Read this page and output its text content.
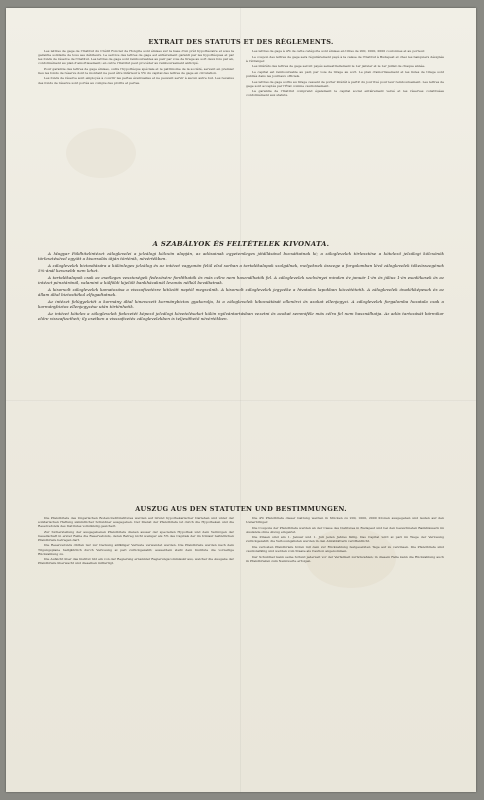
EXTRAIT DES STATUTS ET DES RÈGLEMENTS.

Les lettres de gage de l'Institut du Crédit Foncier de Hongrie sont émises sur la base d'un prêt hypothécaire et sous la garantie solidaire de tous ses débiteurs. Le service des lettres de gage est entièrement garanti par les hypothèques et par les fonds de réserve de l'Institut. Les lettres de gage sont remboursables au pair par voie de tirage au sort deux fois par an, conformément au plan d'amortissement; en outre l'Institut peut procéder au remboursement anticipé.

Pour garantie des lettres de gage émises, outre l'hypothèque spéciale et le patrimoine de la société, servent en premier lieu les fonds de réserve dont le montant ne peut être inférieur à 5% du capital des lettres de gage en circulation.

Les fonds de réserve sont employés à couvrir les pertes éventuelles et ne peuvent servir à aucun autre but. Les revenus des fonds de réserve sont portés au compte des profits et pertes.

Les lettres de gage à 4% de cette catégorie sont émises en titres de 200, 1000, 2000 couronnes et au porteur.

Le coupon des lettres de gage sera régulièrement payé à la caisse de l'Institut à Budapest et chez les banquiers désignés à l'étranger.

Les intérêts des lettres de gage seront payés semestriellement le 1er janvier et le 1er juillet de chaque année.

Le capital est remboursable au pair, par voie de tirage au sort. Le plan d'amortissement et les listes de tirage sont publiés dans les journaux officiels.

Les lettres de gage sortis au tirage cessent de porter intérêt à partir du jour fixé pour leur remboursement. Les lettres de gage sont acceptés par l'État comme cautionnement.

La garantie de l'Institut comprend également le capital social entièrement versé et les réserves constituées conformément aux statuts.

A SZABÁLYOK ÉS FELTÉTELEK KIVONATA.

A Magyar Földhitelintézet záloglevelei a jelzálogi kölcsön alapján, az adósainak egyetemleges jótállásával bocsáttatnak ki; a záloglevelek törlesztése a kötelező jelzálogi kölcsönök törlesztésével együtt a kisorsolás útján történik, névértékben.

A záloglevelek biztosítására a különleges jelzálog és az intézet vagyonán felül első sorban a tartalékalapok szolgálnak, melyeknek összege a forgalomban lévő záloglevelek tőkeösszegének 5%-ánál kevesebb nem lehet.

A tartalékalapok csak az esetleges veszteségek fedezésére fordíthatók és más célra nem használhatók fel. A záloglevelek szelvényei minden év január 1-én és július 1-én esedékesek és az intézet pénztáránál, valamint a külföldi kijelölt bankházaknál levonás nélkül beváltatnak.

A kisorsolt záloglevelek kamatozása a visszafizetésre kitűzött naptól megszűnik. A kisorsolt záloglevelek jegyzéke a hivatalos lapokban közzététetik. A záloglevelek óvadékképesek és az állam által biztosítékul elfogadtatnak.

Az intézet felügyeletét a kormány által kinevezett kormánybiztos gyakorolja, ki a záloglevelek kibocsátását ellenőrzi és azokat ellenjegyzi. A záloglevelek forgalomba hozatala csak a kormánybiztos ellenjegyzése után történhetik.

Az intézet köteles a záloglevelek fedezetét képező jelzálogi követeléseket külön nyilvántartásban vezetni és azokat semmiféle más célra fel nem használhatja. Az adós tartozását bármikor előre visszafizetheti; ily esetben a visszafizetés záloglevelekben is teljesíthető névértékben.

AUSZUG AUS DEN STATUTEN UND BESTIMMUNGEN.

Die Pfandbriefe des Ungarischen Bodencreditinstitutes werden auf Grund hypothekarischer Darlehen und unter der solidarischen Haftung sämmtlicher Schuldner ausgegeben. Der Dienst der Pfandbriefe ist durch die Hypotheken und die Reservefonds des Institutes vollständig gesichert.

Zur Sicherstellung der ausgegebenen Pfandbriefe dienen ausser der speciellen Hypothek und dem Vermögen der Gesellschaft in erster Reihe die Reservefonds, deren Betrag nicht weniger als 5% des Capitals der im Umlauf befindlichen Pfandbriefe betragen darf.

Die Reservefonds dürfen nur zur Deckung allfälliger Verluste verwendet werden. Die Pfandbriefe werden nach dem Tilgungsplane halbjährlich durch Verlosung al pari zurückgezahlt; ausserdem steht dem Institute die vorzeitige Rückzahlung zu.

Die Aufsicht über das Institut übt ein von der Regierung ernannter Regierungscommissär aus, welcher die Ausgabe der Pfandbriefe überwacht und dieselben mitfertigt.

Die 4% Pfandbriefe dieser Gattung werden in Stücken zu 200, 1000, 2000 Kronen ausgegeben und lauten auf den Ueberbringer.

Die Coupons der Pfandbriefe werden an der Casse des Institutes in Budapest und bei den bezeichneten Bankhäusern im Auslande ohne Abzug eingelöst.

Die Zinsen sind am 1. Januar und 1. Juli jeden Jahres fällig. Das Capital wird al pari im Wege der Verlosung zurückgezahlt; die Verlosungslisten werden in den Amtsblättern veröffentlicht.

Die verlosten Pfandbriefe hören mit dem zur Rückzahlung festgesetzten Tage auf zu verzinsen. Die Pfandbriefe sind cautionsfähig und werden vom Staate als Caution angenommen.

Der Schuldner kann seine Schuld jederzeit vor der Verfallzeit zurückzahlen; in diesem Falle kann die Rückzahlung auch in Pfandbriefen zum Nennwerte erfolgen.
